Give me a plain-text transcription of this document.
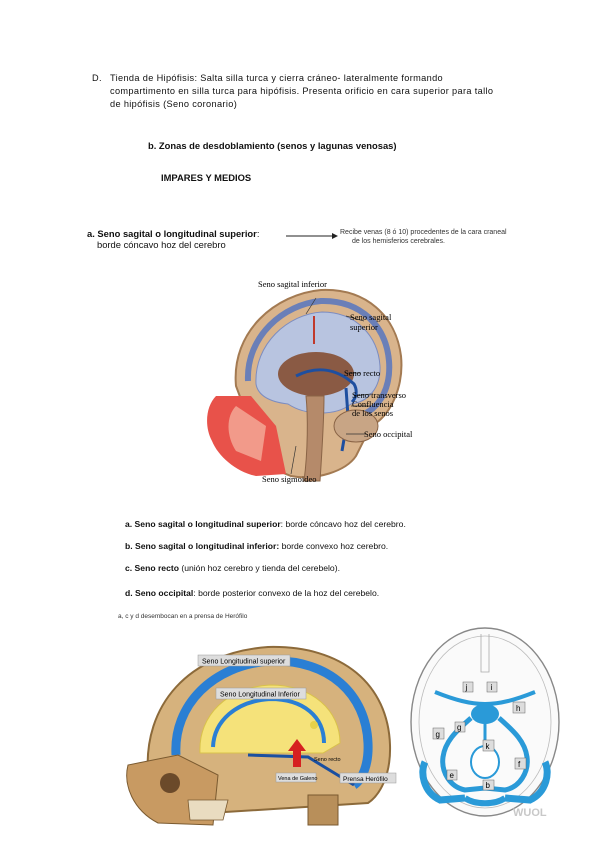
D. Tienda de Hipófisis: Salta silla turca y cierra cráneo- lateralmente formando
compartimento en silla turca para hipófisis. Presenta orificio en cara superior para tallo
de hipófisis (Seno coronario)
b. Zonas de desdoblamiento (senos y lagunas venosas)
IMPARES Y MEDIOS
a. Seno sagital o longitudinal superior:
borde cóncavo hoz del cerebro
Recibe venas (8 ó 10) procedentes de la cara craneal
de los hemisferios cerebrales.
Seno sagital inferior
Seno sagital
superior
Seno recto
Seno transverso
Confluencia
de los senos
Seno occipital
Seno sigmoideo
a. Seno sagital o longitudinal superior: borde cóncavo hoz del cerebro.
b. Seno sagital o longitudinal inferior: borde convexo hoz cerebro.
c. Seno recto (unión hoz cerebro y tienda del cerebelo).
d. Seno occipital: borde posterior convexo de la hoz del cerebelo.
a, c y d desembocan en a prensa de Herófilo
Seno Longitudinal superior
Seno Longitudinal Inferior
Seno recto
Vena de Galeno	Prensa Herófilo
j	i
h
g
g
k
f
e
b
WUOL
